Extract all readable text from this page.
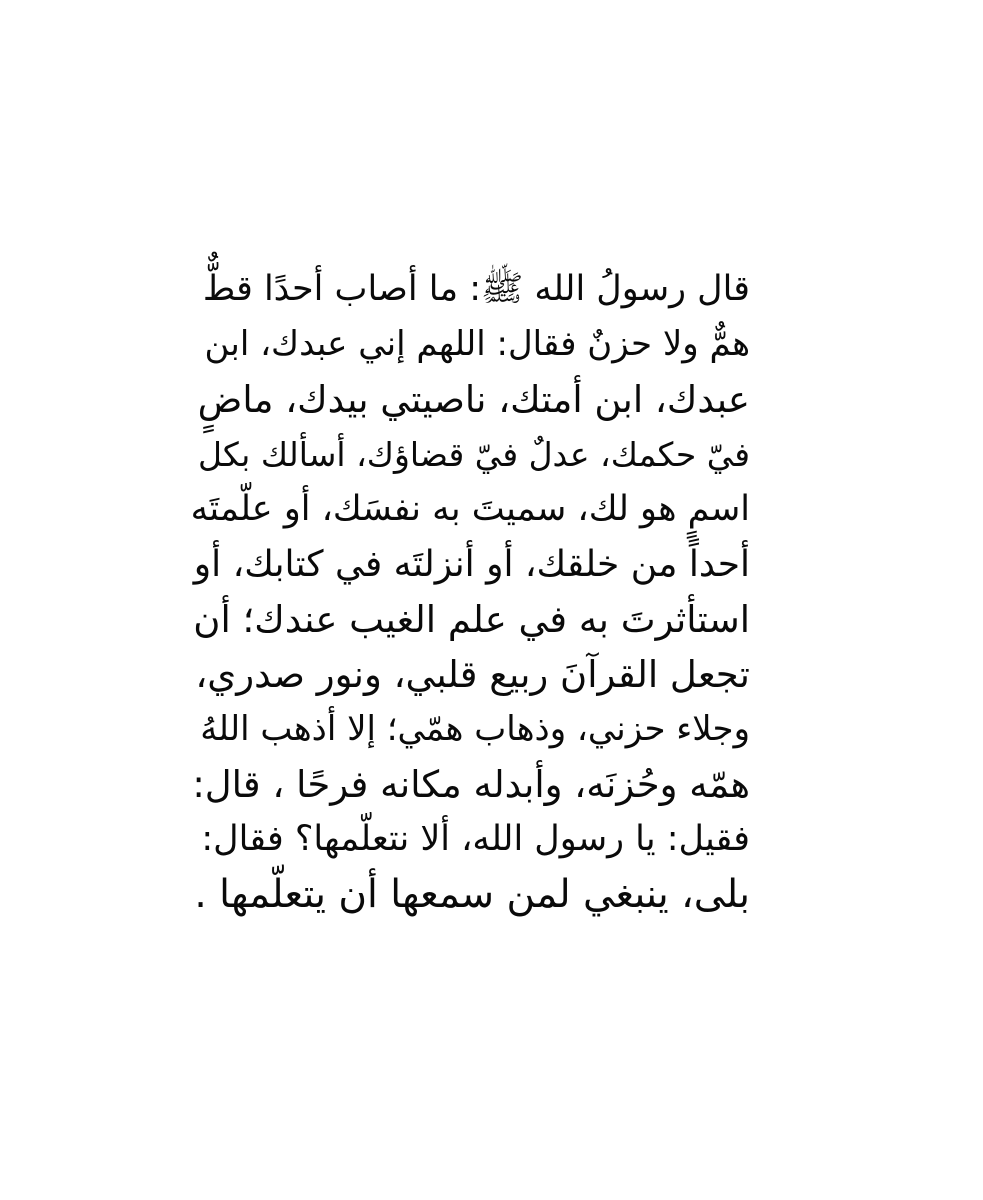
قال رسولُ الله ﷺ: ما أصاب أحدًا قطٌّ
همٌّ ولا حزنٌ فقال: اللهم إني عبدك، ابن
عبدك، ابن أمتك، ناصيتي بيدك، ماضٍ
فيّ حكمك، عدلٌ فيّ قضاؤك، أسألك بكل
اسمٍ هو لك، سميتَ به نفسَك، أو علّمتَه
أحداً من خلقك، أو أنزلتَه في كتابك، أو
استأثرتَ به في علم الغيب عندك؛ أن
تجعل القرآنَ ربيع قلبي، ونور صدري،
وجلاء حزني، وذهاب همّي؛ إلا أذهب اللهُ
همّه وحُزنَه، وأبدله مكانه فرحًا ، قال:
فقيل: يا رسول الله، ألا نتعلّمها؟ فقال:
بلى، ينبغي لمن سمعها أن يتعلّمها .
